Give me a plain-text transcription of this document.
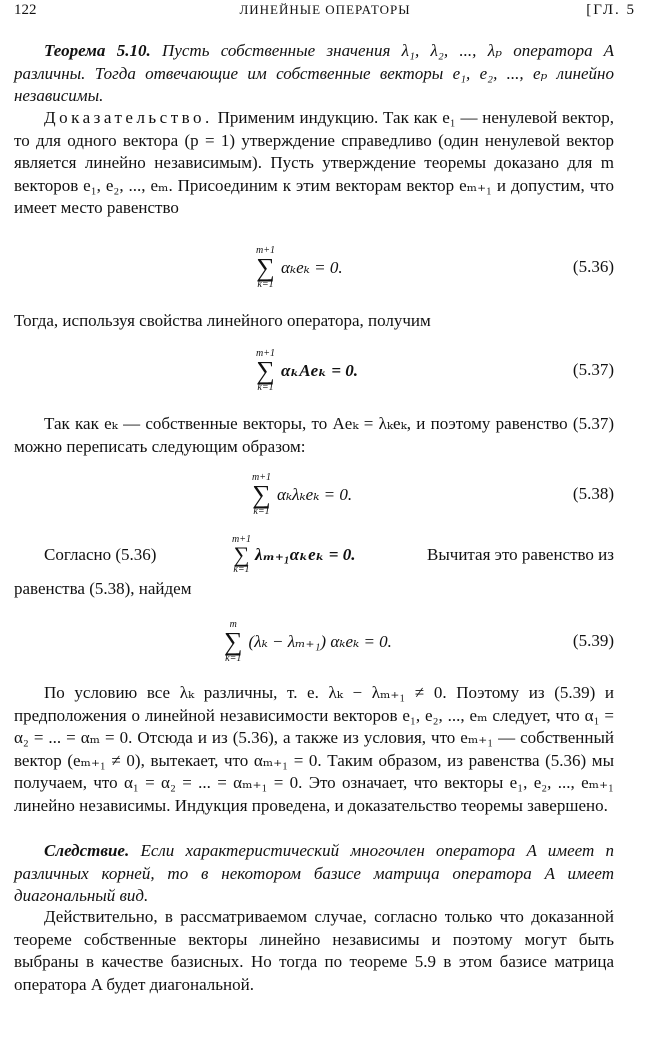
122	ЛИНЕЙНЫЕ ОПЕРАТОРЫ	[ГЛ. 5

Теорема 5.10. Пусть собственные значения λ₁, λ₂, ..., λₚ операторa A различны. Тогда отвечающие им собственные векторы e₁, e₂, ..., eₚ линейно независимы.

Доказательство. Применим индукцию. Так как e₁ — ненулевой вектор, то для одного вектора (p = 1) утверждение справедливо (один ненулевой вектор является линейно независимым). Пусть утверждение теоремы доказано для m векторов e₁, e₂, ..., eₘ. Присоединим к этим векторам вектор eₘ₊₁ и допустим, что имеет место равенство

m+1
∑
k=1
αₖeₖ = 0.	(5.36)

Тогда, используя свойства линейного оператора, получим

m+1
∑
k=1
αₖAeₖ = 0.	(5.37)

Так как eₖ — собственные векторы, то Aeₖ = λₖeₖ, и поэтому равенство (5.37) можно переписать следующим образом:

m+1
∑
k=1
αₖλₖeₖ = 0.	(5.38)
Согласно (5.36)
m+1
∑
k=1
λₘ₊₁αₖeₖ = 0.	Вычитая это равенство из
равенства (5.38), найдем
m
∑
k=1
(λₖ − λₘ₊₁) αₖeₖ = 0.	(5.39)

По условию все λₖ различны, т. е. λₖ − λₘ₊₁ ≠ 0. Поэтому из (5.39) и предположения о линейной независимости векторов e₁, e₂, ..., eₘ следует, что α₁ = α₂ = ... = αₘ = 0. Отсюда и из (5.36), а также из условия, что eₘ₊₁ — собственный вектор (eₘ₊₁ ≠ 0), вытекает, что αₘ₊₁ = 0. Таким образом, из равенства (5.36) мы получаем, что α₁ = α₂ = ... = αₘ₊₁ = 0. Это означает, что векторы e₁, e₂, ..., eₘ₊₁ линейно независимы. Индукция проведена, и доказательство теоремы завершено.

Следствие. Если характеристический многочлен оператора A имеет n различных корней, то в некотором базисе матрица оператора A имеет диагональный вид.

Действительно, в рассматриваемом случае, согласно только что доказанной теореме собственные векторы линейно независимы и поэтому могут быть выбраны в качестве базисных. Но тогда по теореме 5.9 в этом базисе матрица оператора A будет диагональной.
